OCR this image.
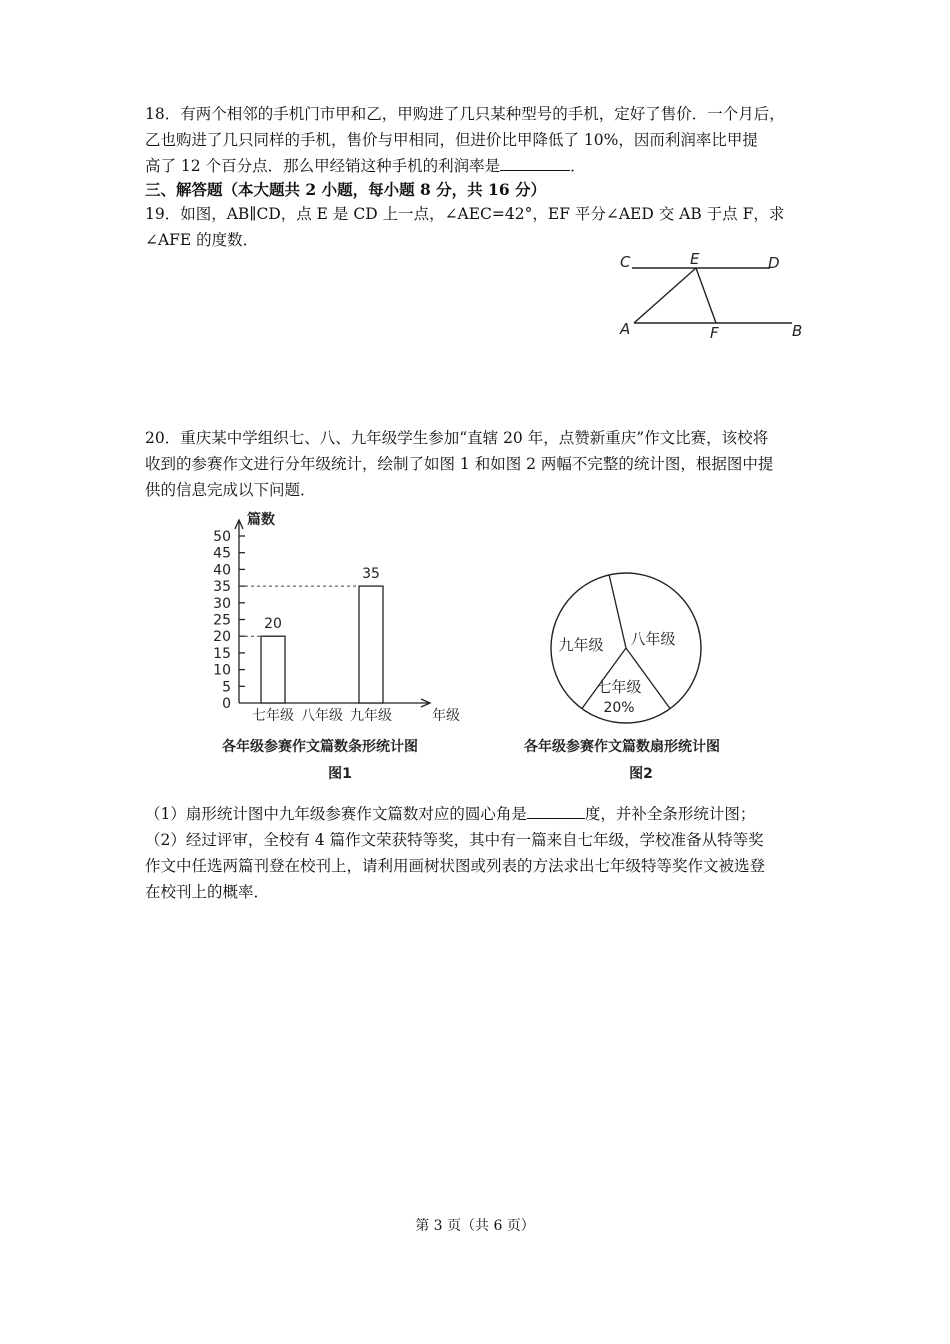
18．有两个相邻的手机门市甲和乙，甲购进了几只某种型号的手机，定好了售价．一个月后，
乙也购进了几只同样的手机，售价与甲相同，但进价比甲降低了 10%，因而利润率比甲提
高了 12 个百分点．那么甲经销这种手机的利润率是	．
三、解答题（本大题共 2 小题，每小题 8 分，共 16 分）
19．如图，AB∥CD，点 E 是 CD 上一点，∠AEC=42°，EF 平分∠AED 交 AB 于点 F，求
∠AFE 的度数．
C	E	D
A	F	B
20．重庆某中学组织七、八、九年级学生参加“直辖 20 年，点赞新重庆”作文比赛，该校将
收到的参赛作文进行分年级统计，绘制了如图 1 和如图 2 两幅不完整的统计图，根据图中提
供的信息完成以下问题．
0
5
10
15
20
25
30
35
40
45
50
篇数
年级
七年级
20
八年级 九年级
35
各年级参赛作文篇数条形统计图
图1
九年级 八年级
七年级
20%
各年级参赛作文篇数扇形统计图
图2
（1）扇形统计图中九年级参赛作文篇数对应的圆心角是	度，并补全条形统计图；
（2）经过评审，全校有 4 篇作文荣获特等奖，其中有一篇来自七年级，学校准备从特等奖
作文中任选两篇刊登在校刊上，请利用画树状图或列表的方法求出七年级特等奖作文被选登
在校刊上的概率．
第 3 页（共 6 页）
